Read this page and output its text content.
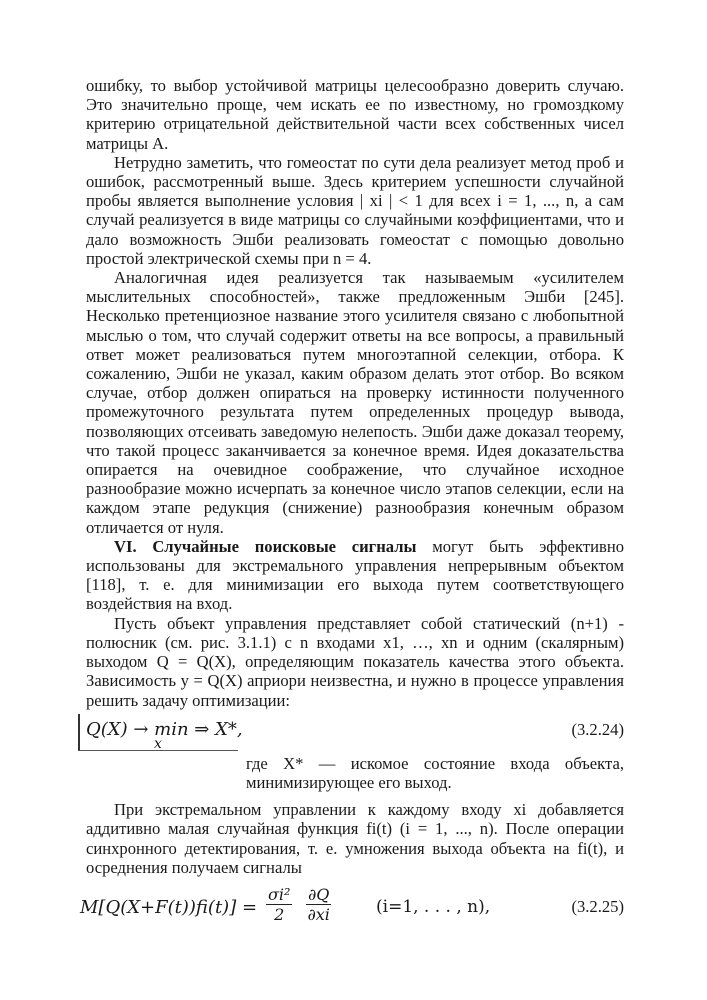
ошибку, то выбор устойчивой матрицы целесообразно доверить случаю. Это значительно проще, чем искать ее по известному, но громоздкому критерию отрицательной действительной части всех собственных чисел матрицы A.

Нетрудно заметить, что гомеостат по сути дела реализует метод проб и ошибок, рассмотренный выше. Здесь критерием успешности случайной пробы является выполнение условия | xi | < 1 для всех i = 1, ..., n, а сам случай реализуется в виде матрицы со случайными коэффициентами, что и дало возможность Эшби реализовать гомеостат с помощью довольно простой электрической схемы при n = 4.

Аналогичная идея реализуется так называемым «усилителем мыслительных способностей», также предложенным Эшби [245]. Несколько претенциозное название этого усилителя связано с любопытной мыслью о том, что случай содержит ответы на все вопросы, а правильный ответ может реализоваться путем многоэтапной селекции, отбора. К сожалению, Эшби не указал, каким образом делать этот отбор. Во всяком случае, отбор должен опираться на проверку истинности полученного промежуточного результата путем определенных процедур вывода, позволяющих отсеивать заведомую нелепость. Эшби даже доказал теорему, что такой процесс заканчивается за конечное время. Идея доказательства опирается на очевидное соображение, что случайное исходное разнообразие можно исчерпать за конечное число этапов селекции, если на каждом этапе редукция (снижение) разнообразия конечным образом отличается от нуля.

VI. Случайные поисковые сигналы могут быть эффективно использованы для экстремального управления непрерывным объектом [118], т. е. для минимизации его выхода путем соответствующего воздействия на вход.

Пусть объект управления представляет собой статический (n+1) - полюсник (см. рис. 3.1.1) с n входами x1, …, xn и одним (скалярным) выходом Q = Q(X), определяющим показатель качества этого объекта. Зависимость y = Q(X) априори неизвестна, и нужно в процессе управления решить задачу оптимизации:

Q(X) → min ⇒ X*,
x
(3.2.24)

где X* — искомое состояние входа объекта, минимизирующее его выход.

При экстремальном управлении к каждому входу xi добавляется аддитивно малая случайная функция fi(t) (i = 1, ..., n). После операции синхронного детектирования, т. е. умножения выхода объекта на fi(t), и осреднения получаем сигналы

$M[Q(X+F(t))fi(t)] = \frac{\text{σi²}}{2} \frac{\partial Q}{\partial xi}$	(i=1, . . . , n),	(3.2.25)
